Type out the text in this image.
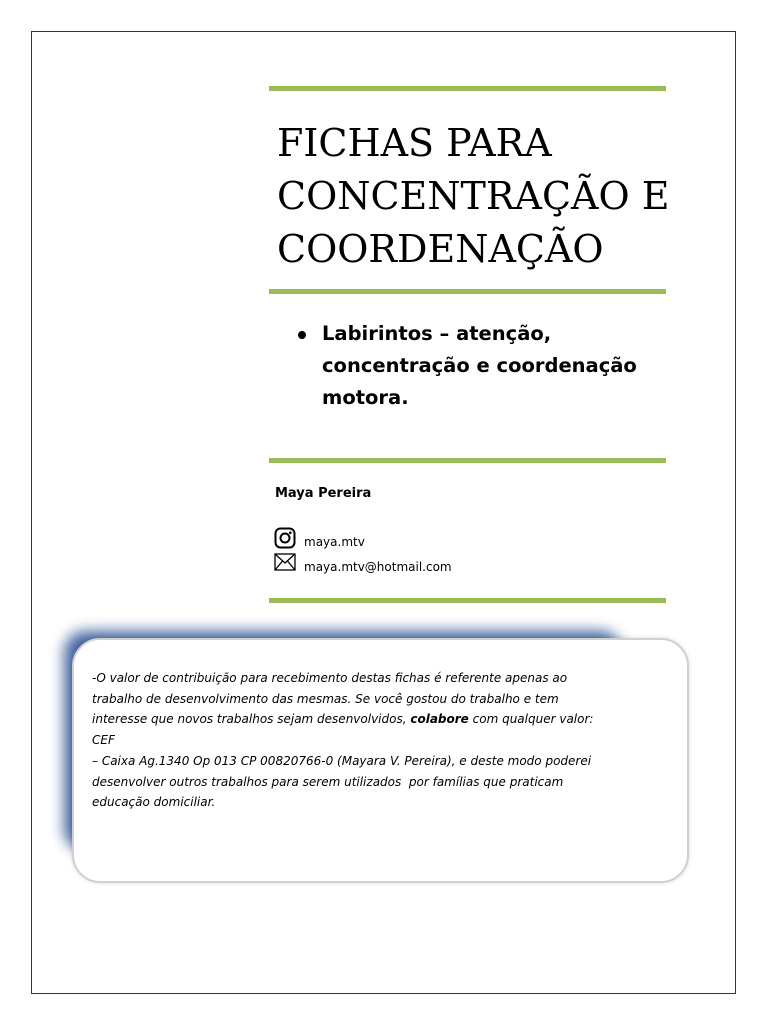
FICHAS PARA
CONCENTRAÇÃO E
COORDENAÇÃO
Labirintos – atenção,
concentração e coordenação
motora.
Maya Pereira
maya.mtv
maya.mtv@hotmail.com
-O valor de contribuição para recebimento destas fichas é referente apenas ao
trabalho de desenvolvimento das mesmas. Se você gostou do trabalho e tem
interesse que novos trabalhos sejam desenvolvidos, colabore com qualquer valor: CEF
– Caixa Ag.1340 Op 013 CP 00820766-0 (Mayara V. Pereira), e deste modo poderei
desenvolver outros trabalhos para serem utilizados  por famílias que praticam
educação domiciliar.
